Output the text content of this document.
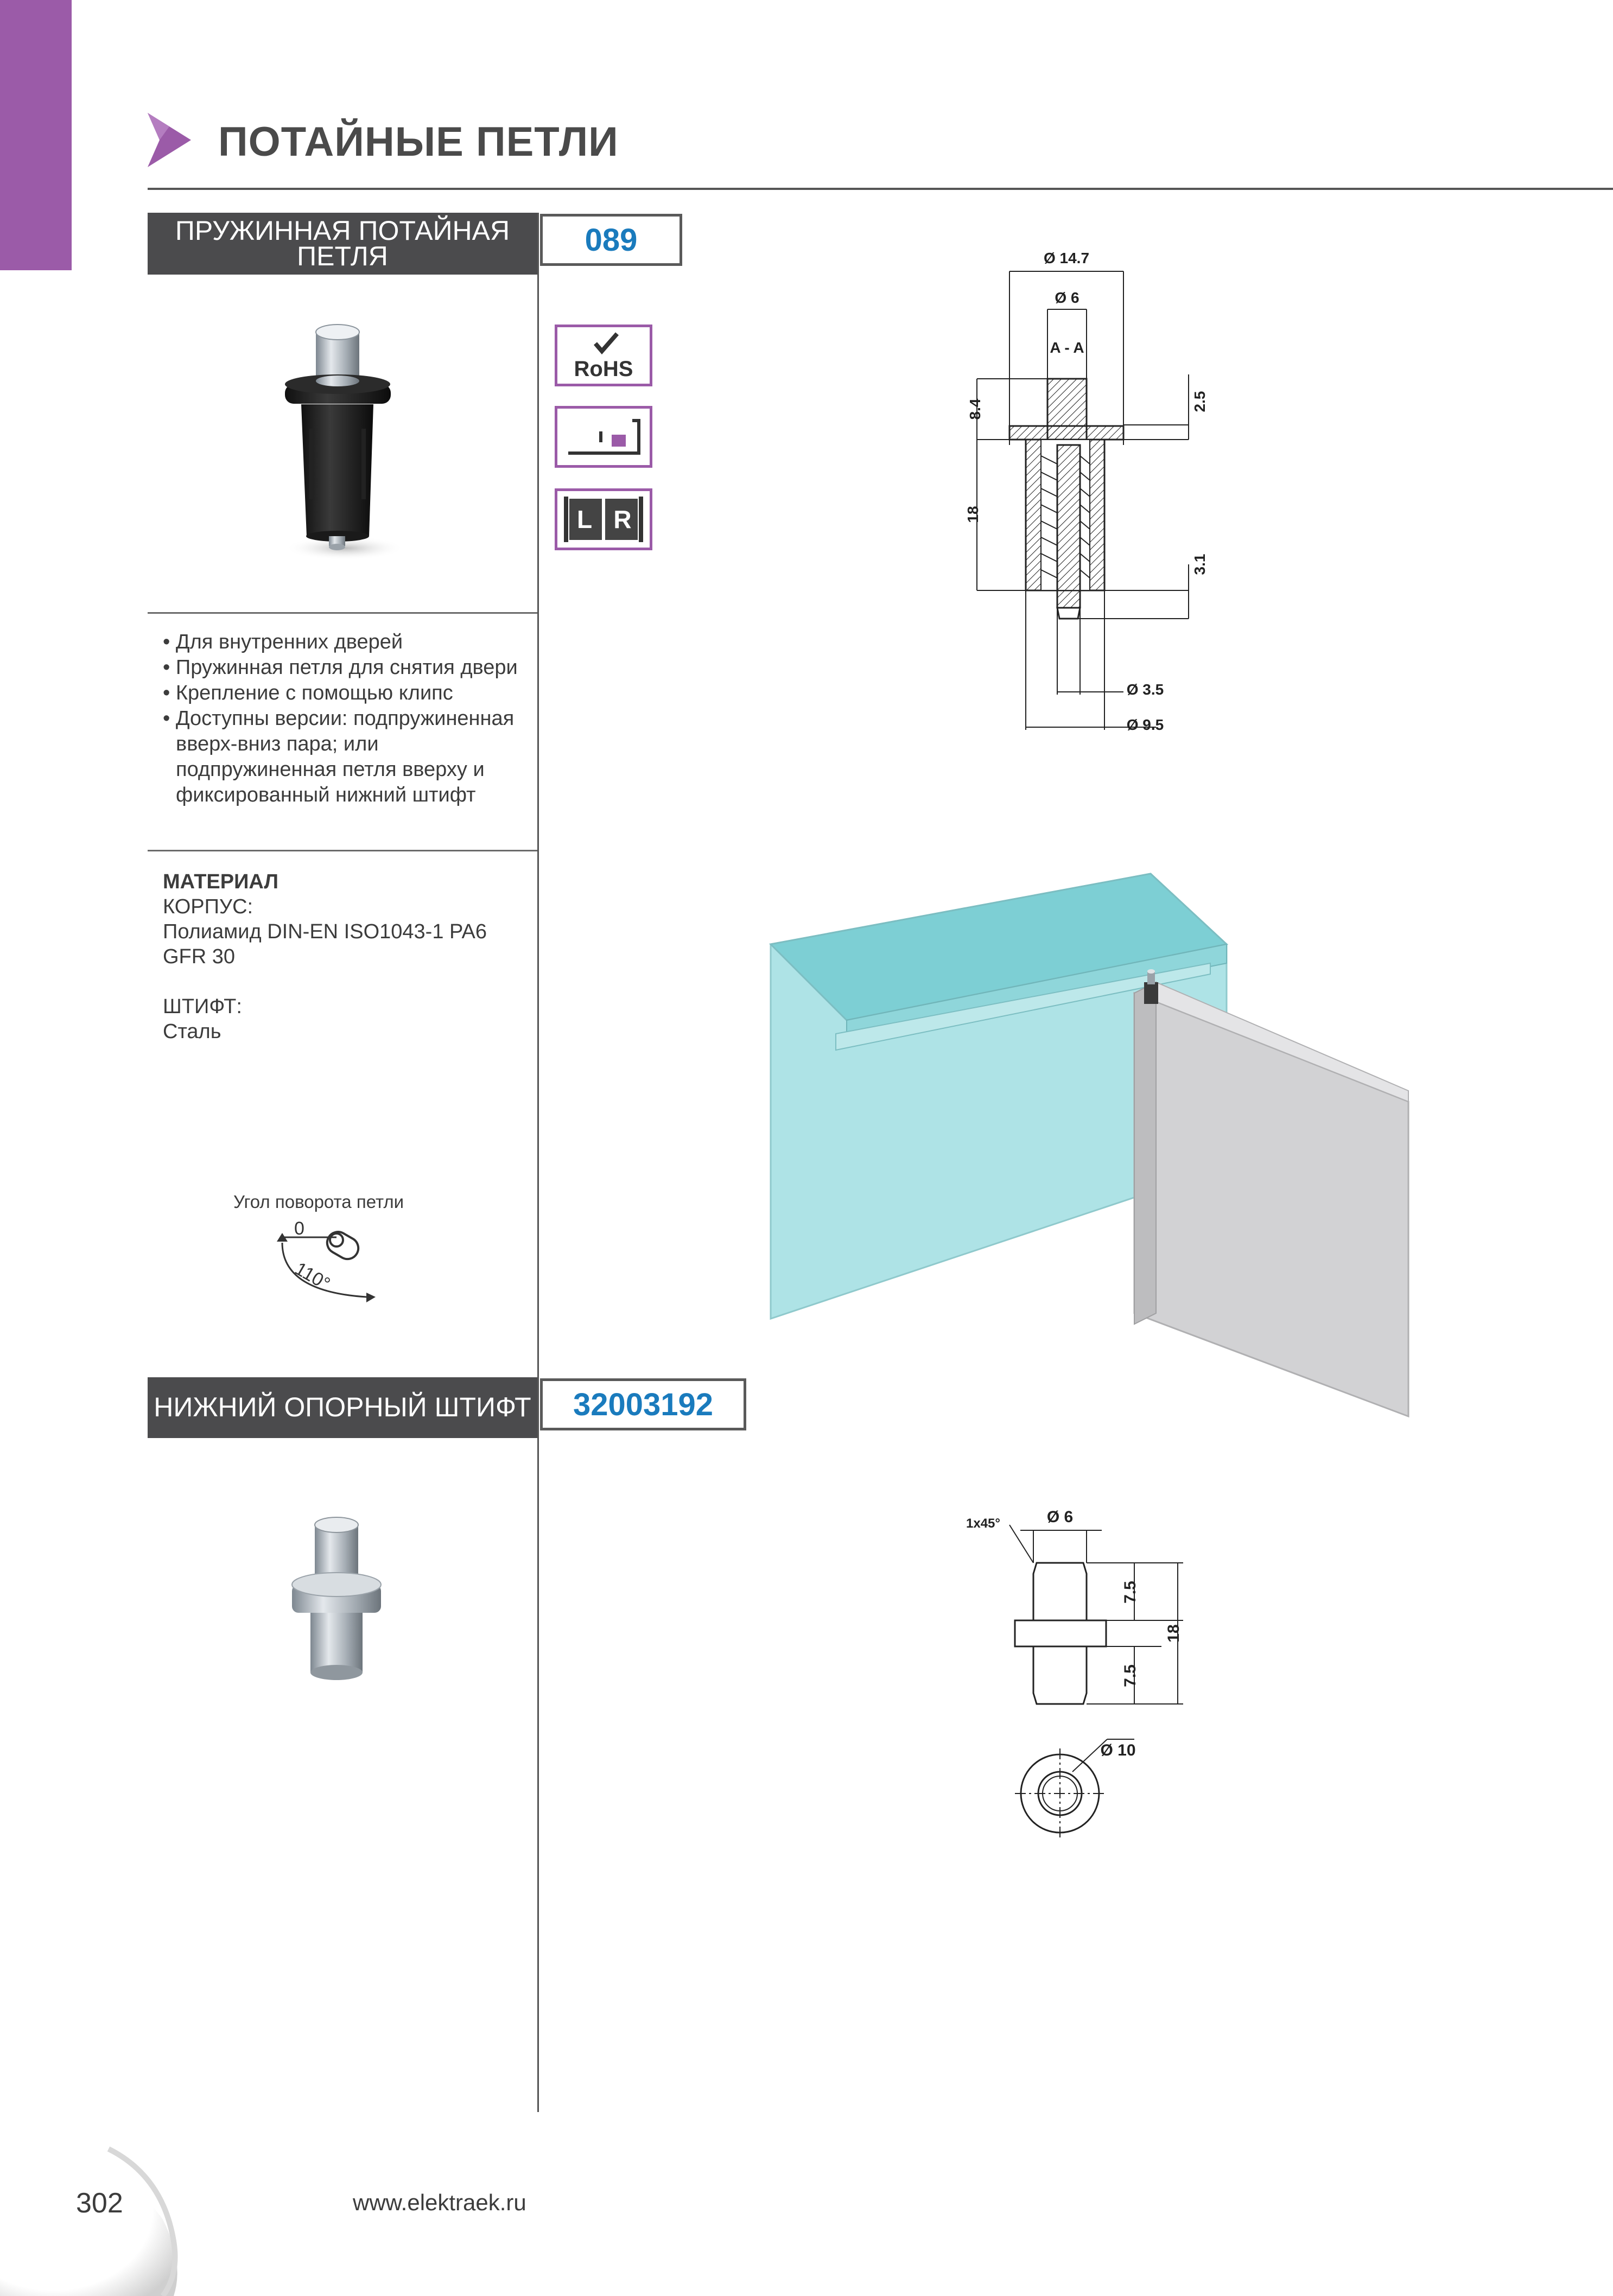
ПОТАЙНЫЕ ПЕТЛИ
ПРУЖИННАЯ ПОТАЙНАЯ
ПЕТЛЯ	089
RoHS
L R
• Для внутренних дверей
• Пружинная петля для снятия двери
• Крепление с помощью клипс
• Доступны версии: подпружиненная вверх-вниз пара; или подпружиненная петля вверху и фиксированный нижний штифт
МАТЕРИАЛ
КОРПУС:
Полиамид DIN-EN ISO1043-1 PA6
GFR 30
ШТИФТ:
Сталь
Угол поворота петли
0
110°
Ø 14.7
Ø 6
A - A
8.4
18
2.5
3.1
Ø 3.5
Ø 9.5
НИЖНИЙ ОПОРНЫЙ ШТИФТ	32003192
1x45°	Ø 6
7.5
7.5
18
Ø 10
302	www.elektraek.ru
